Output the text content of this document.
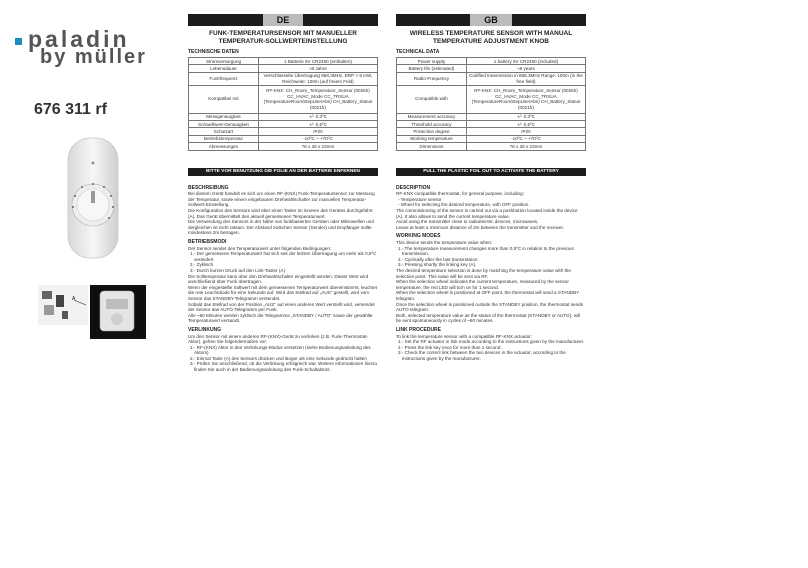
paladin
by müller
676 311 rf
A
DE
FUNK-TEMPERATURSENSOR MIT MANUELLER
TEMPERATUR-SOLLWERTEINSTELLUNG
TECHNISCHE DATEN
Stromversorgung	1 Batterie 3V CR2450 (enthalten)
Lebensdauer	≈8 Jahre
Funkfrequenz	Verschlüsselte Übertragung 868,3MHz, ERP > 8 mW, Reichweite: 100m (auf freiem Feld)
Kompatibel mit	RF-KNX: CH_Room_Temperature_Sensor (0025h) CC_HVAC_Mode CC_TRSUA (TemperatureRoomStepUserAbs) CH_Battery_Status (0021h)
Messgenauigkeit	+/- 0,3ºC
Schwellwert-Genauigkeit	+/- 0,5ºC
Schutzart	IP20
Betriebstemperatur	-10ºC ~ +70ºC
Abmessungen	78 x 28 x 23mm
BITTE VOR BENUTZUNG DIE FOLIE AN DER BATTERIE ENFERNEN
BESCHREIBUNG

Bei diesem Gerät handelt es sich um einen RF-(KNX) Funk-Temperatursensor zur Messung der Temperatur, sowie einem eingebauten Drehwahlschalter zur manuellen Temperatur-Sollwert-Einstellung.

Die Konfiguration des Sensors wird über einen Taster im inneren des Gerätes durchgeführt (A). Das Gerät übermittelt den aktuell gemessenen Temperaturwert.

Die Verwendung des Sensors in der Nähe von funkbasierten Geräten oder Mikrowellen und dergleichen ist nicht ratsam. Der Abstand zwischen Sensor (Sender) und Empfänger sollte mindestens 2m betragen.

BETRIEBSMODI

Der Sensor sendet den Temperaturwert unter folgenden Bedingungen:

1.- Der gemessene Temperaturwert hat sich seit der letzten Übertragung um mehr als 0,5ºC verändert

2.- Zyklisch

3.- Durch kurzen Druck auf den Link-Taster (A)

Die Solltemperatur kann über den Drehwahlschalter eingestellt werden. Dieser Wert wird anschließend über Funk übertragen.

Wenn der eingestellte Sollwert mit dem gemessenen Temperaturwert übereinstimmt, leuchtet die rote Leuchtdiode für eine Sekunde auf. Wird das Stellrad auf „AUS" gestellt, wird vom Sensor das STANDBY-Telegramm versendet.

Sobald das Stellrad von der Position „AUS" auf einen anderen Wert verstellt wird, versendet der Sensor das AUTO-Telegramm per Funk.

Alle ~60 Minuten werden zyklisch die Telegramme „STANDBY / AUTO" sowie der gewählte Temperaturwert versandt.

VERLINKUNG

Um den Sensor mit einem anderen RF-(KNX)-Gerät zu verlinken (z.B. Funk-Thermostat-Aktor), gehen Sie folgendermaßen vor:

1.- RF-(KNX) Aktor in den Verlinkungs-Modus versetzen (siehe Bedienungsanleitung des Aktors)

2.- Einmal Taste (A) des Sensors drücken und länger als eine Sekunde gedrückt halten

3.- Prüfen Sie anschließend, ob die Verlinkung erfolgreich war. Weitere Informationen hierzu finden Sie auch in der Bedienungsanleitung des Funk-Schaltaktors.

GB
WIRELESS TEMPERATURE SENSOR WITH MANUAL
TEMPERATURE ADJUSTMENT KNOB
TECHNICAL DATA
Power supply	1 battery 3V CR2450 (included)
Battery life (estimated)	≈8 years
Radio-Frequency	Codified transmission in 868,3MHz Range: 100m (in the free field)
Compatible with	RF-KNX: CH_Room_Temperature_Sensor (0025h) CC_HVAC_Mode CC_TRSUA (TemperatureRoomStepUserAbs) CH_Battery_Status (0021h)
Measurement accuracy	+/- 0,3ºC
Threshold accuracy	+/- 0,5ºC
Protection degree	IP20
Working temperature	-10ºC ~ +70ºC
Dimensions	78 x 28 x 23mm
PULL THE PLASTIC FOIL OUT TO ACTIVATE THE BATTERY
DESCRIPTION

RF-KNX compatible thermostat, for general purpose, including:

- Temperature sensor

- Wheel for selecting the desired temperature, with OFF position.

The commissioning of the sensor is carried out via a pushbutton located inside the device (A). It also allows to send the current temperature value.

Avoid using the transmitter close to radioelectric devices, microwaves,

Leave at least a minimum distance of 2m between the transmitter and the receiver.

WORKING MODES

This device sends the temperature value when:

1.- The temperature measurement changes more than 0,5ºC in relation to the previous transmission.

2.- Cyclically after the last transmission.

3.- Pressing shortly the linking key (A).

The desired temperature selection is done by matching the temperature value with the selection point. This value will be sent via RF.

When the selection wheel indicates the current temperature, measured by the sensor temperature, the red LED will turn on for 1 second.

When the selection wheel is positioned at OFF point, the thermostat will send a STANDBY telegram.

Once the selection wheel is positioned outside the STANDBY position, the thermostat sends AUTO telegram.

Both, selected temperature value as the status of the thermostat (STANDBY or AUTO), will be sent spontaneously in cycles of ~60 minutes.

LINK PROCEDURE

To link the temperature sensor with a compatible RF-KNX actuator:

1.- Set the RF actuator in link mode according to the instructions given by the manufacturer.

2.- Press the link key once for more than 1 second.

3.- Check the correct link between the two devices in the actuator, according to the instructions given by the manufacturer.
